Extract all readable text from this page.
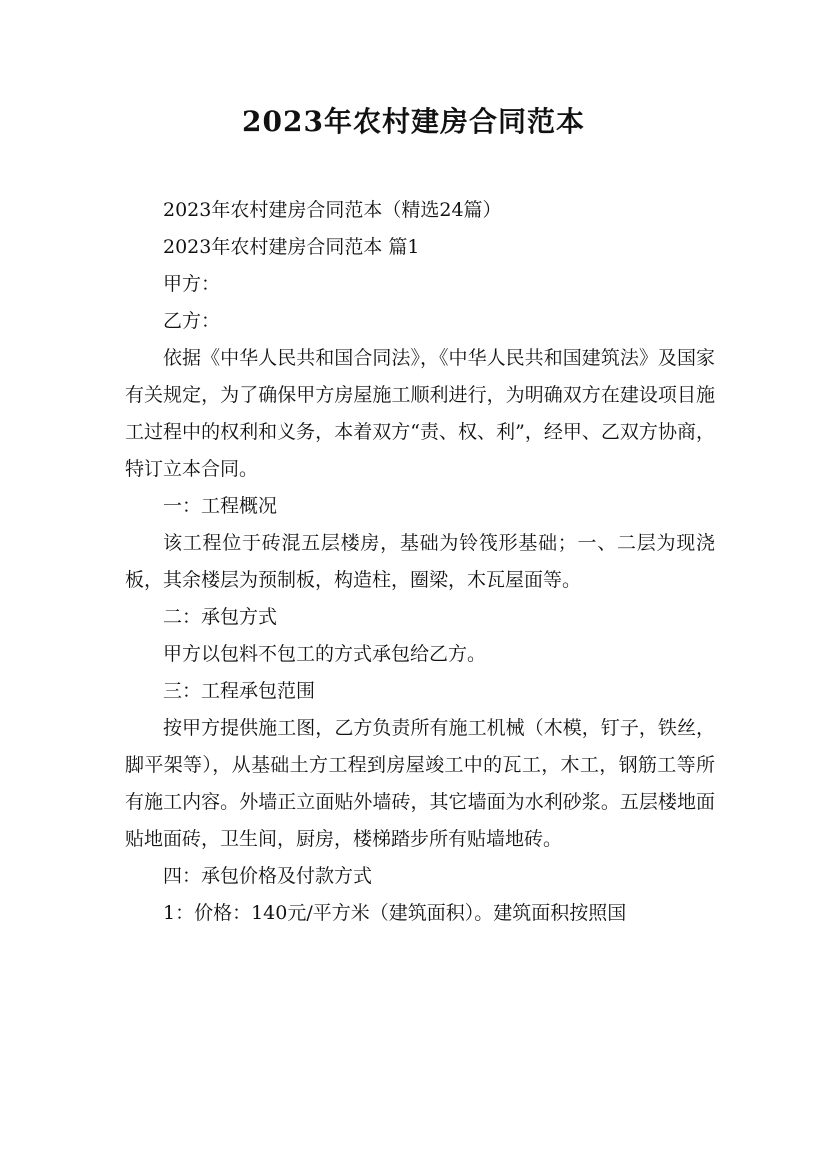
2023年农村建房合同范本

2023年农村建房合同范本（精选24篇）

2023年农村建房合同范本 篇1

甲方：

乙方：

依据《中华人民共和国合同法》，《中华人民共和国建筑法》及国家有关规定，为了确保甲方房屋施工顺利进行，为明确双方在建设项目施工过程中的权利和义务，本着双方“责、权、利”，经甲、乙双方协商，特订立本合同。

一：工程概况

该工程位于砖混五层楼房，基础为铃筏形基础；一、二层为现浇板，其余楼层为预制板，构造柱，圈梁，木瓦屋面等。

二：承包方式

甲方以包料不包工的方式承包给乙方。

三：工程承包范围

按甲方提供施工图，乙方负责所有施工机械（木模，钉子，铁丝，脚平架等），从基础土方工程到房屋竣工中的瓦工，木工，钢筋工等所有施工内容。外墙正立面贴外墙砖，其它墙面为水利砂浆。五层楼地面贴地面砖，卫生间，厨房，楼梯踏步所有贴墙地砖。

四：承包价格及付款方式

1：价格：140元/平方米（建筑面积）。建筑面积按照国
